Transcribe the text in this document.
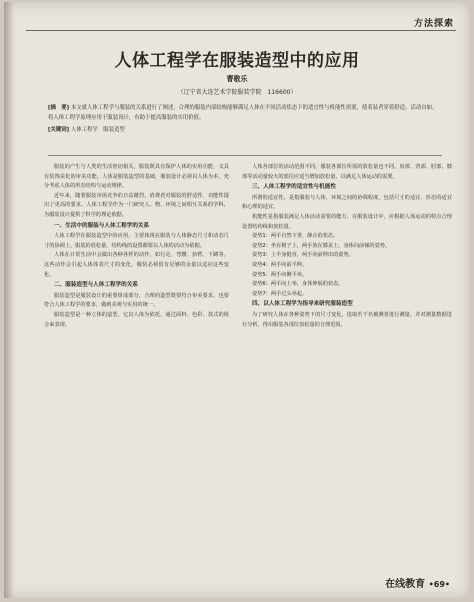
方法探索
人体工程学在服装造型中的应用
曹敬乐
（辽宁省大连艺术学院服装学院　116600）
[摘　要] 本文就人体工程学与服装的关系进行了阐述，合理的服装内部结构能够满足人体在不同活动状态下的适宜性与机能性需要，使着装者穿着舒适、活动自如。将人体工程学原理应用于服装设计，有助于提高服装的实用价值。
[关键词] 人体工程学　服装造型

服装的产生与人类的生活密切相关，服装既具有保护人体的实用功能，又具有装饰美化的审美功能。人体是服装造型的基础，服装设计必须以人体为本，充分考虑人体的形态结构与运动规律。

近年来，随着服装市场竞争的日益激烈，消费者对服装的舒适性、功能性提出了更高的要求。人体工程学作为一门研究人、物、环境之间相互关系的学科，为服装设计提供了科学的理论依据。

一、生活中的服装与人体工程学的关系

人体工程学在服装造型中的应用，主要体现在服装与人体静态尺寸和动态尺寸的协调上。服装的放松量、结构线的设置都要以人体的活动为依据。

人体在日常生活中会做出各种各样的动作，如行走、弯腰、抬臂、下蹲等，这些动作会引起人体体表尺寸的变化，服装必须留有足够的余量以适应这些变化。

二、服装造型与人体工程学的关系

服装造型是服装设计的重要组成部分，合理的造型既要符合审美要求，也要符合人体工程学的要求，做到美观与实用的统一。

服装造型是一种立体的造型，它以人体为依托，通过面料、色彩、款式的组合来表现。

人体各部位的活动范围不同，服装各部位所需的放松量也不同。肩部、背部、肘部、膝部等活动量较大的部位应适当增加放松量，以满足人体运动的需要。

三、人体工程学的适宜性与机能性

所谓的适宜性，是指服装与人体、环境之间的协调程度，包括尺寸的适宜、形态的适宜和心理的适宜。

机能性是指服装满足人体活动需要的能力。在服装设计中，应根据人体运动的特点合理设置结构线和放松量。

姿势1：两手自然下垂，静止的状态。

姿势2：坐在椅子上，两手放在膝盖上，身体向前倾的姿势。

姿势3：上半身挺直，两手向前伸出的姿势。

姿势4：两手向前平伸。

姿势5：两手向侧平举。

姿势6：两手向上举，身体伸展的状态。

姿势7：两手过头举起。

四、以人体工程学为指导来研究服装造型

为了研究人体在各种姿势下的尺寸变化，选取若干名被测者进行测量，并对测量数据进行分析，得出服装各部位放松量的合理范围。

在线教育 •69•
